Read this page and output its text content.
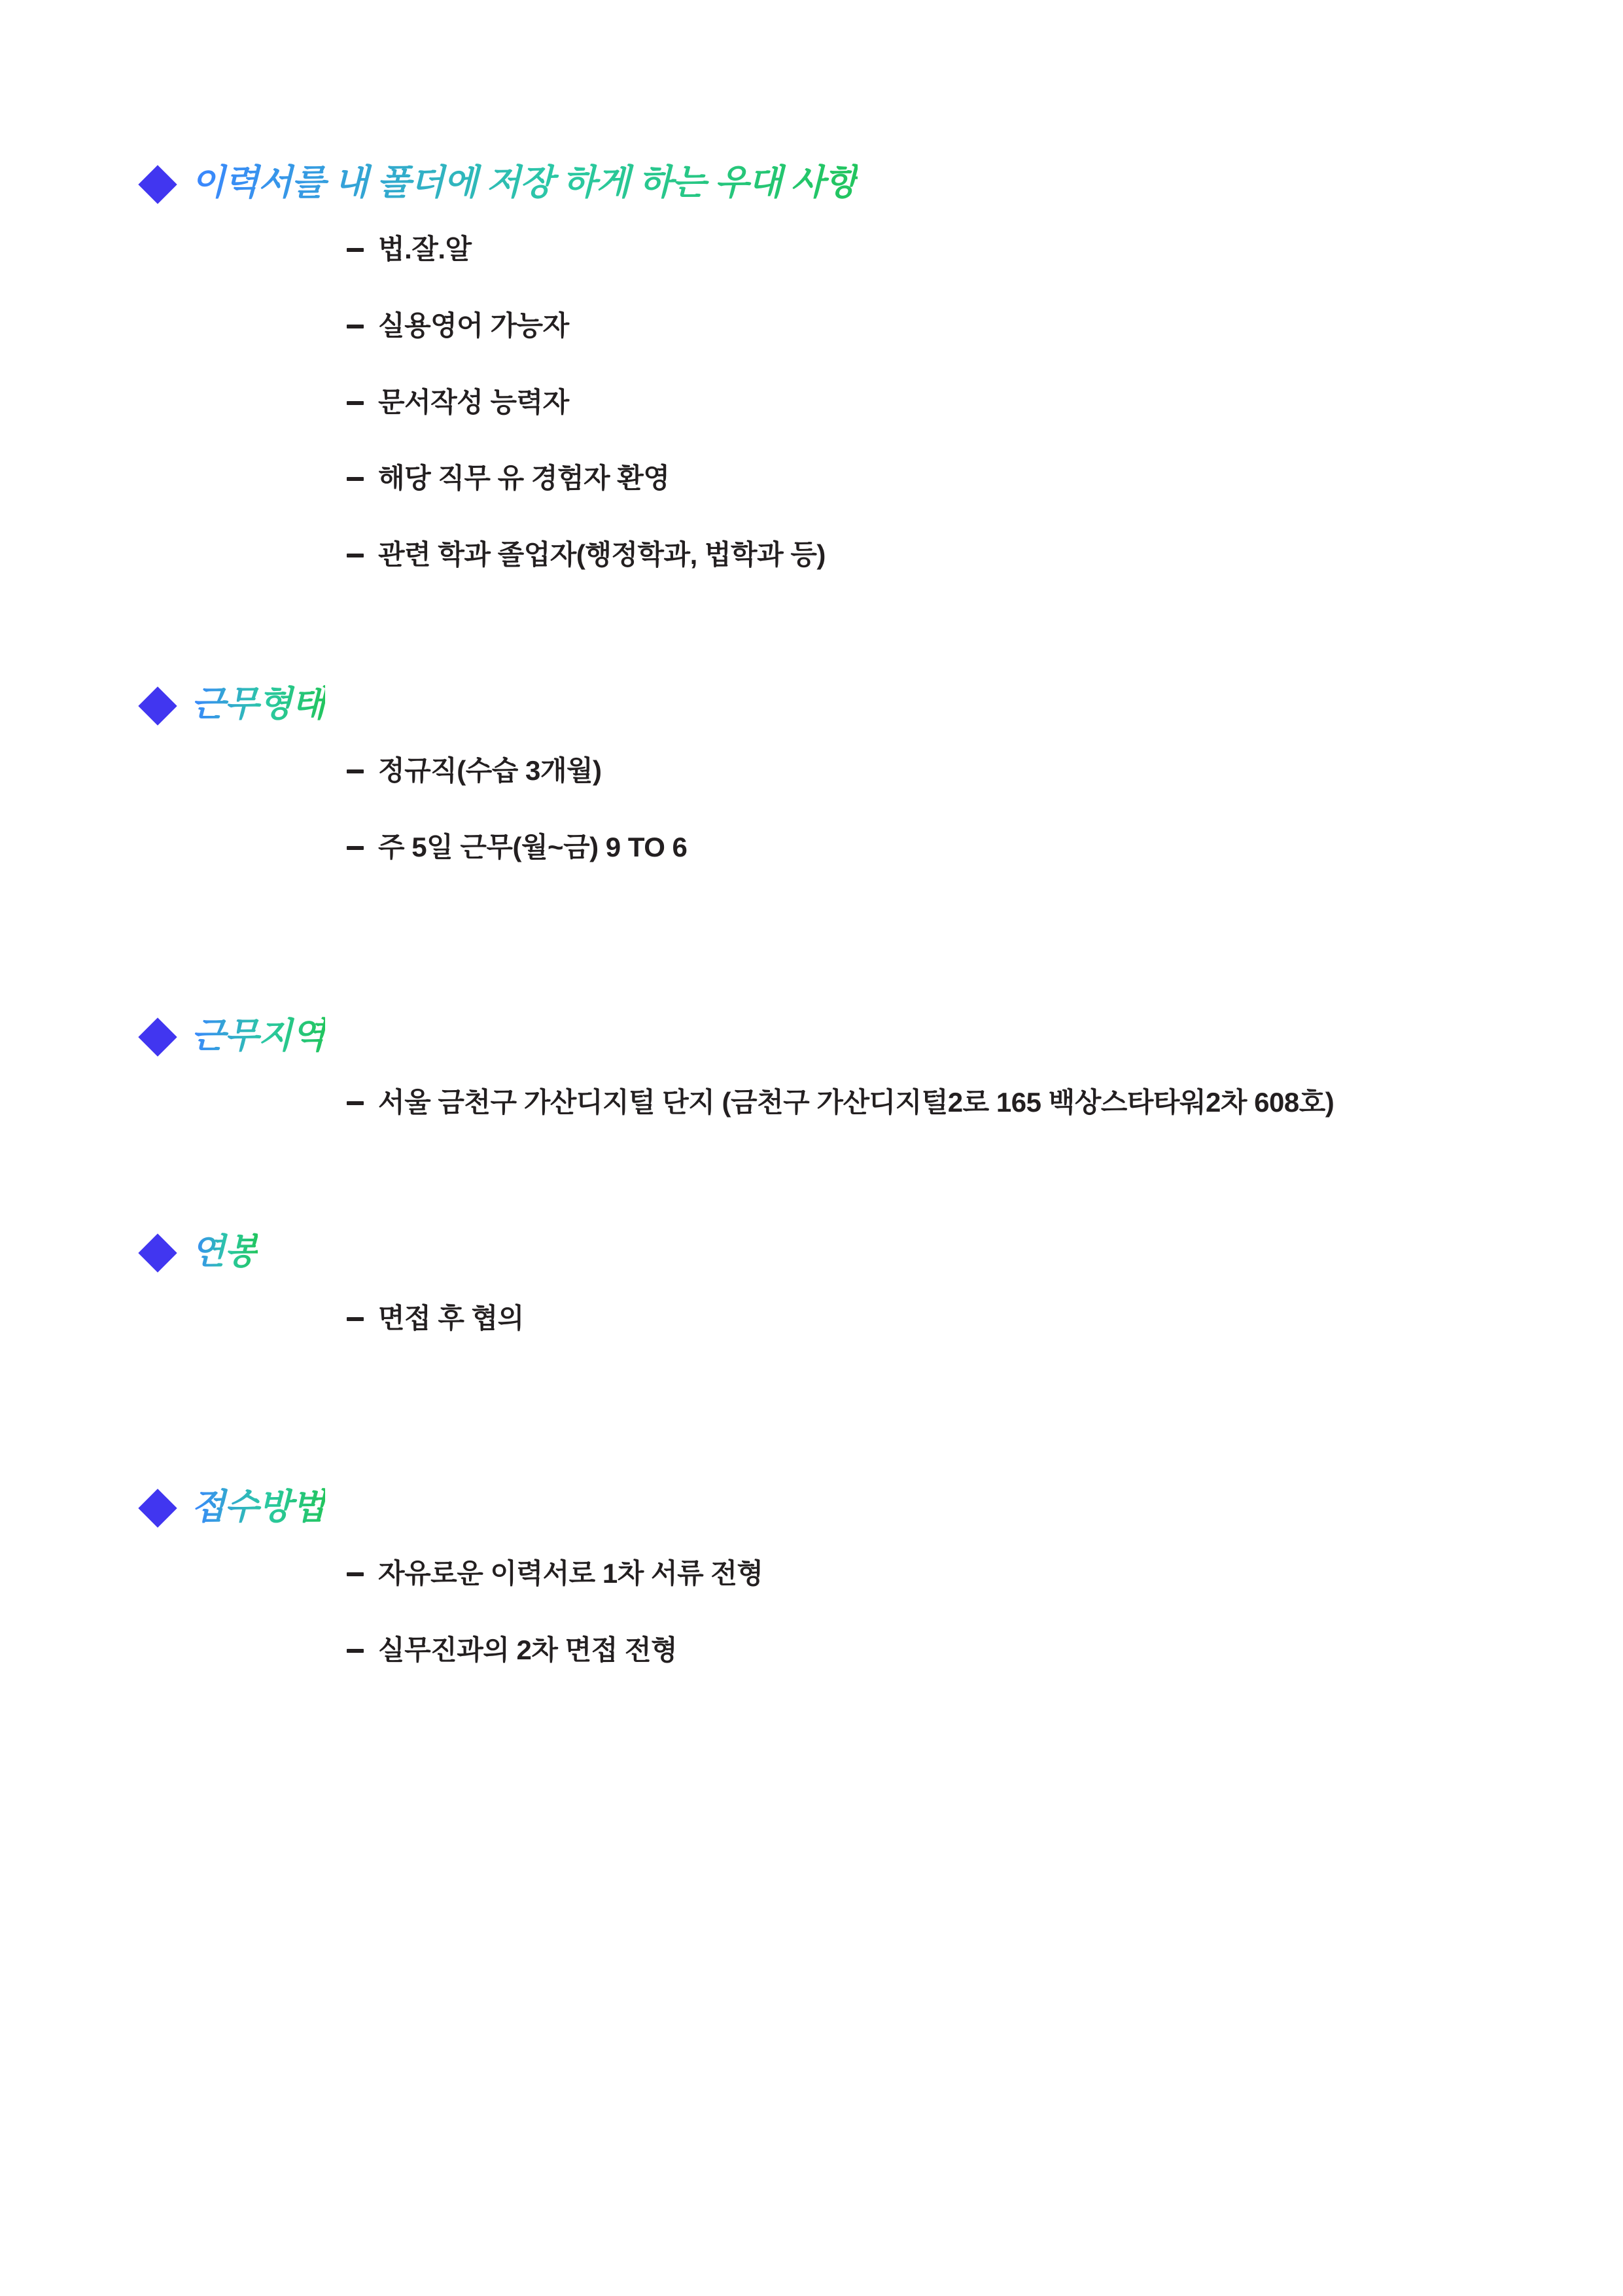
이력서를 내 폴더에 저장 하게 하는 우대 사항
법.잘.알
실용영어 가능자
문서작성 능력자
해당 직무 유 경험자 환영
관련 학과 졸업자(행정학과, 법학과 등)
근무형태
정규직(수습 3개월)
주 5일 근무(월~금) 9 TO 6
근무지역
서울 금천구 가산디지털 단지 (금천구 가산디지털2로 165 백상스타타워2차 608호)
연봉
면접 후 협의
접수방법
자유로운 이력서로 1차 서류 전형
실무진과의 2차 면접 전형
